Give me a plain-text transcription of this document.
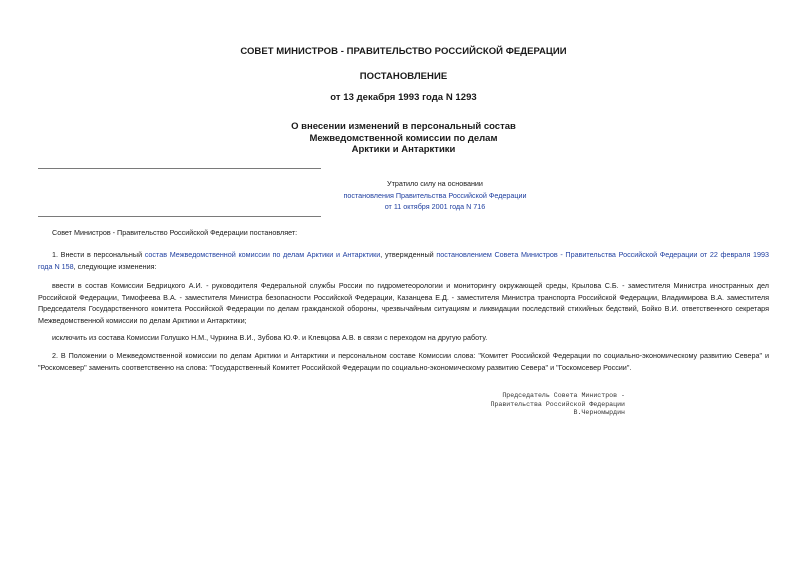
СОВЕТ МИНИСТРОВ - ПРАВИТЕЛЬСТВО РОССИЙСКОЙ ФЕДЕРАЦИИ
ПОСТАНОВЛЕНИЕ
от 13 декабря 1993 года N 1293
О внесении изменений в персональный состав
Межведомственной комиссии по делам
Арктики и Антарктики
Утратило силу на основании
постановления Правительства Российской Федерации
от 11 октября 2001 года N 716
Совет Министров - Правительство Российской Федерации постановляет:
1. Внести в персональный состав Межведомственной комиссии по делам Арктики и Антарктики, утвержденный постановлением Совета Министров - Правительства Российской Федерации от 22 февраля 1993 года N 158, следующие изменения:
ввести в состав Комиссии Бедрицкого А.И. - руководителя Федеральной службы России по гидрометеорологии и мониторингу окружающей среды, Крылова С.Б. - заместителя Министра иностранных дел Российской Федерации, Тимофеева В.А. - заместителя Министра безопасности Российской Федерации, Казанцева Е.Д. - заместителя Министра транспорта Российской Федерации, Владимирова В.А. заместителя Председателя Государственного комитета Российской Федерации по делам гражданской обороны, чрезвычайным ситуациям и ликвидации последствий стихийных бедствий, Бойко В.И. ответственного секретаря Межведомственной комиссии по делам Арктики и Антарктики;
исключить из состава Комиссии Голушко Н.М., Чуркина В.И., Зубова Ю.Ф. и Клевцова А.В. в связи с переходом на другую работу.
2. В Положении о Межведомственной комиссии по делам Арктики и Антарктики и персональном составе Комиссии слова: "Комитет Российской Федерации по социально-экономическому развитию Севера" и "Роскомсевер" заменить соответственно на слова: "Государственный Комитет Российской Федерации по социально-экономическому развитию Севера" и "Госкомсевер России".
Председатель Совета Министров -
Правительства Российской Федерации
В.Черномырдин
